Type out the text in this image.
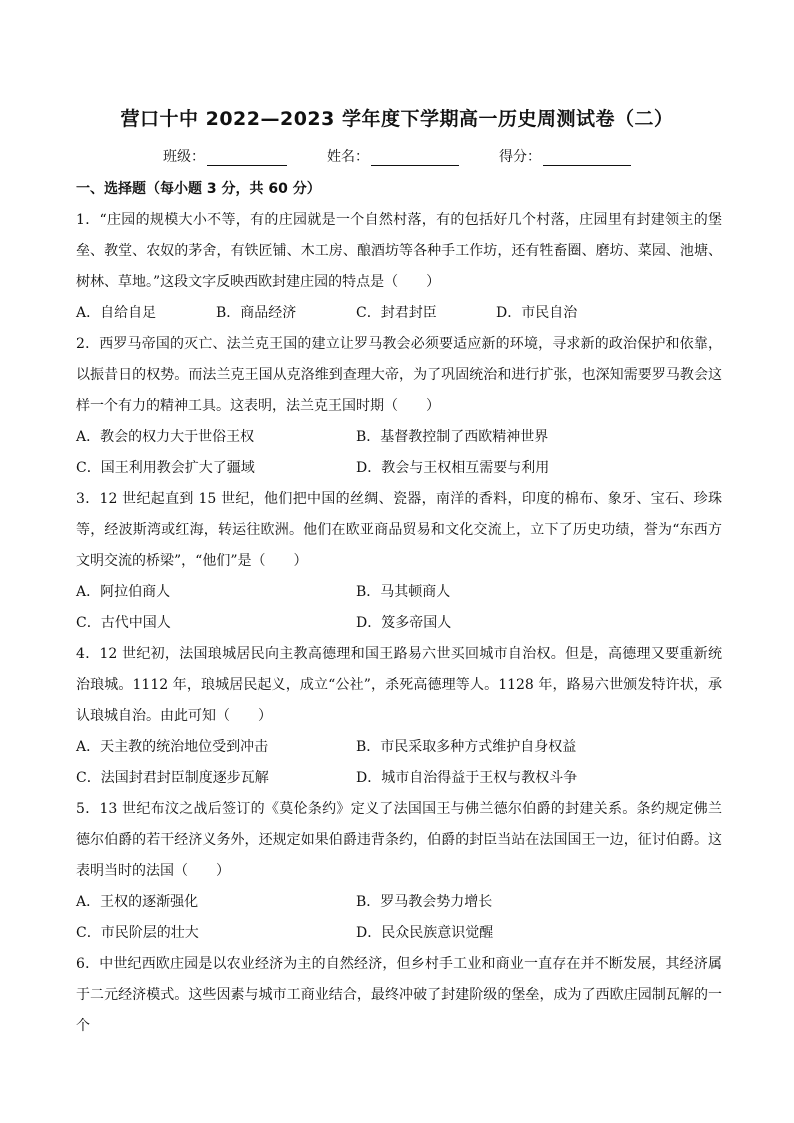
营口十中 2022—2023 学年度下学期高一历史周测试卷（二）
班级：	姓名：	得分：
一、选择题（每小题 3 分，共 60 分）
1．“庄园的规模大小不等，有的庄园就是一个自然村落，有的包括好几个村落，庄园里有封建领主的堡垒、教堂、农奴的茅舍，有铁匠铺、木工房、酿酒坊等各种手工作坊，还有牲畜圈、磨坊、菜园、池塘、树林、草地。”这段文字反映西欧封建庄园的特点是（　　）
A．自给自足	B．商品经济	C．封君封臣	D．市民自治
2．西罗马帝国的灭亡、法兰克王国的建立让罗马教会必须要适应新的环境，寻求新的政治保护和依靠，以振昔日的权势。而法兰克王国从克洛维到查理大帝，为了巩固统治和进行扩张，也深知需要罗马教会这样一个有力的精神工具。这表明，法兰克王国时期（　　）
A．教会的权力大于世俗王权	B．基督教控制了西欧精神世界
C．国王利用教会扩大了疆域	D．教会与王权相互需要与利用
3．12 世纪起直到 15 世纪，他们把中国的丝绸、瓷器，南洋的香料，印度的棉布、象牙、宝石、珍珠等，经波斯湾或红海，转运往欧洲。他们在欧亚商品贸易和文化交流上，立下了历史功绩，誉为“东西方文明交流的桥梁”，“他们”是（　　）
A．阿拉伯商人	B．马其顿商人
C．古代中国人	D．笈多帝国人
4．12 世纪初，法国琅城居民向主教高德理和国王路易六世买回城市自治权。但是，高德理又要重新统治琅城。1112 年，琅城居民起义，成立“公社”，杀死高德理等人。1128 年，路易六世颁发特许状，承认琅城自治。由此可知（　　）
A．天主教的统治地位受到冲击	B．市民采取多种方式维护自身权益
C．法国封君封臣制度逐步瓦解	D．城市自治得益于王权与教权斗争
5．13 世纪布汶之战后签订的《莫伦条约》定义了法国国王与佛兰德尔伯爵的封建关系。条约规定佛兰德尔伯爵的若干经济义务外，还规定如果伯爵违背条约，伯爵的封臣当站在法国国王一边，征讨伯爵。这表明当时的法国（　　）
A．王权的逐渐强化	B．罗马教会势力增长
C．市民阶层的壮大	D．民众民族意识觉醒
6．中世纪西欧庄园是以农业经济为主的自然经济，但乡村手工业和商业一直存在并不断发展，其经济属于二元经济模式。这些因素与城市工商业结合，最终冲破了封建阶级的堡垒，成为了西欧庄园制瓦解的一个
